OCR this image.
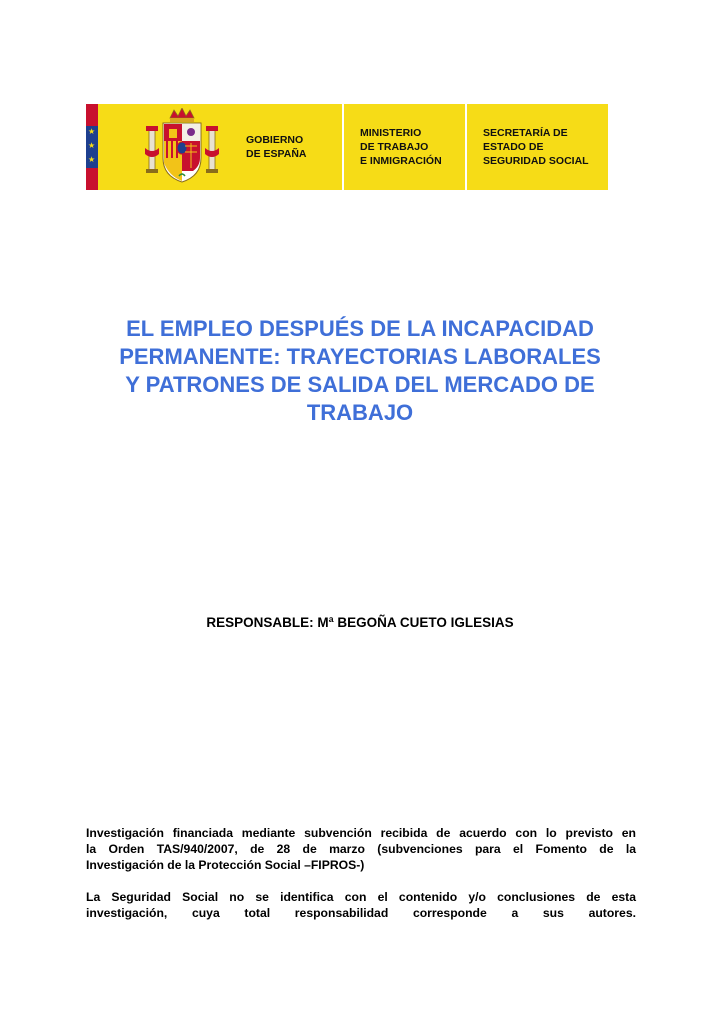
★
★
★
GOBIERNO
DE ESPAÑA
MINISTERIO
DE TRABAJO
E INMIGRACIÓN
SECRETARÍA DE
ESTADO DE
SEGURIDAD SOCIAL
EL EMPLEO DESPUÉS DE LA INCAPACIDAD
PERMANENTE: TRAYECTORIAS LABORALES
Y PATRONES DE SALIDA DEL MERCADO DE
TRABAJO
RESPONSABLE: Mª BEGOÑA CUETO IGLESIAS

Investigación financiada mediante subvención recibida de acuerdo con lo previsto en
la Orden TAS/940/2007, de 28 de marzo (subvenciones para el Fomento de la
Investigación de la Protección Social –FIPROS-)

La Seguridad Social no se identifica con el contenido y/o conclusiones de esta
investigación, cuya total responsabilidad corresponde a sus autores.
